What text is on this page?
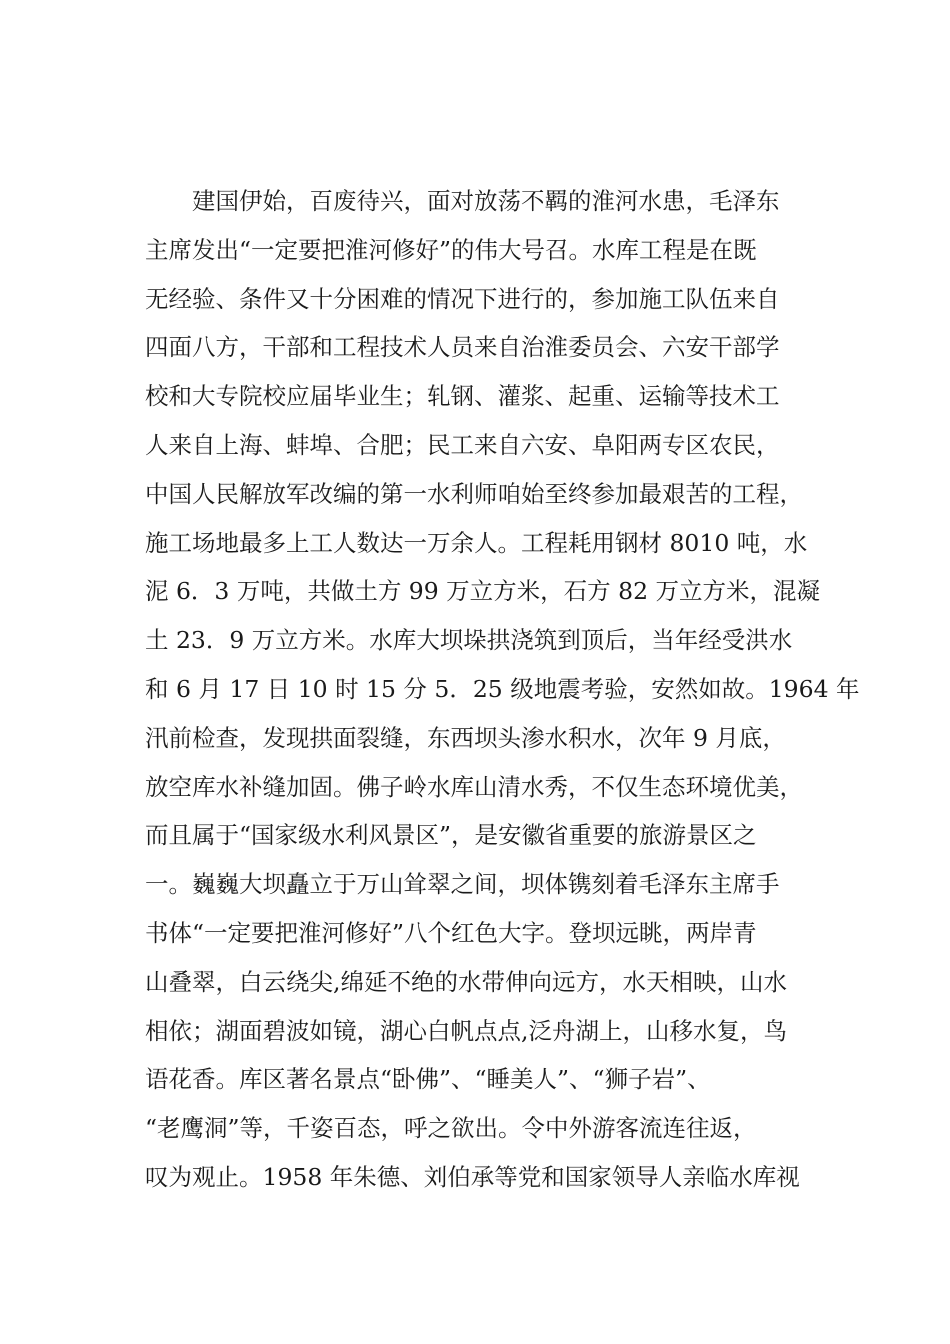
建国伊始，百废待兴，面对放荡不羁的淮河水患，毛泽东
主席发出“一定要把淮河修好”的伟大号召。水库工程是在既
无经验、条件又十分困难的情况下进行的，参加施工队伍来自
四面八方，干部和工程技术人员来自治淮委员会、六安干部学
校和大专院校应届毕业生；轧钢、灌浆、起重、运输等技术工
人来自上海、蚌埠、合肥；民工来自六安、阜阳两专区农民，
中国人民解放军改编的第一水利师咱始至终参加最艰苦的工程，
施工场地最多上工人数达一万余人。工程耗用钢材 8010 吨，水
泥 6．3 万吨，共做土方 99 万立方米，石方 82 万立方米，混凝
土 23．9 万立方米。水库大坝垛拱浇筑到顶后，当年经受洪水
和 6 月 17 日 10 时 15 分 5．25 级地震考验，安然如故。1964 年
汛前检查，发现拱面裂缝，东西坝头渗水积水，次年 9 月底，
放空库水补缝加固。佛子岭水库山清水秀，不仅生态环境优美，
而且属于“国家级水利风景区”，是安徽省重要的旅游景区之
一。巍巍大坝矗立于万山耸翠之间，坝体镌刻着毛泽东主席手
书体“一定要把淮河修好”八个红色大字。登坝远眺，两岸青
山叠翠，白云绕尖,绵延不绝的水带伸向远方，水天相映，山水
相依；湖面碧波如镜，湖心白帆点点,泛舟湖上，山移水复，鸟
语花香。库区著名景点“卧佛”、“睡美人”、“狮子岩”、
“老鹰洞”等，千姿百态，呼之欲出。令中外游客流连往返，
叹为观止。1958 年朱德、刘伯承等党和国家领导人亲临水库视
